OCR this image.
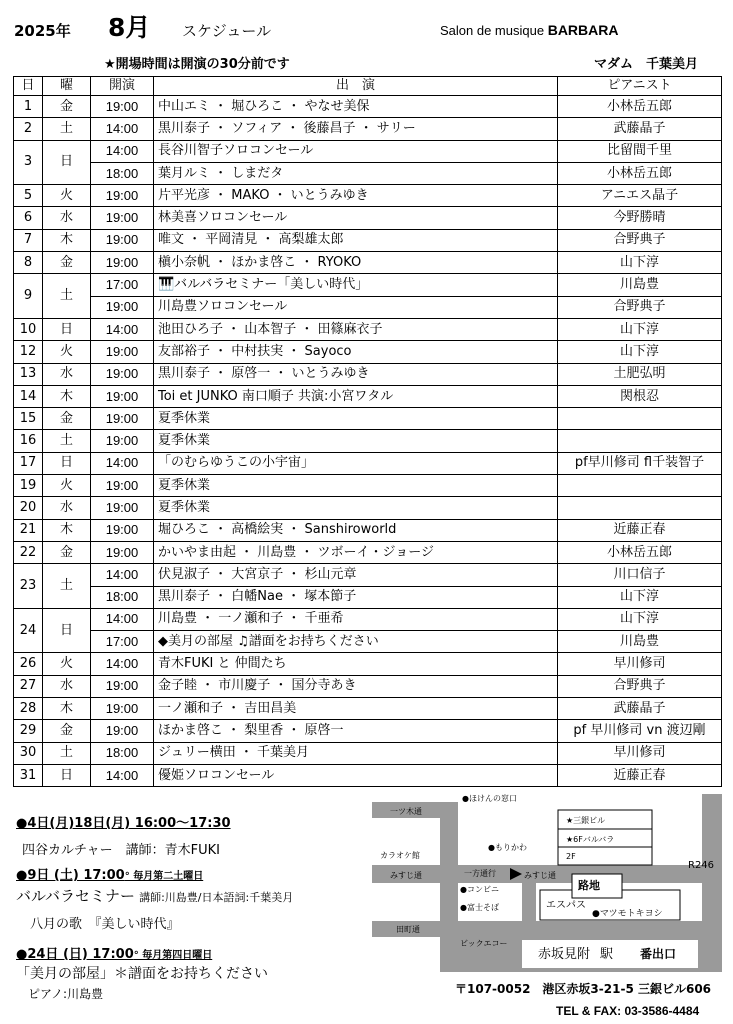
2025年 8月 スケジュール	Salon de musique BARBARA
★開場時間は開演の30分前です	マダム　千葉美月
日	曜	開演	出　演	ピアニスト
1	金	19:00	中山エミ ・ 堀ひろこ ・ やなせ美保	小林岳五郎
2	土	14:00	黒川泰子 ・ ソフィア ・ 後藤昌子 ・ サリー	武藤晶子
3	日	14:00	長谷川智子ソロコンセール	比留間千里
		18:00	葉月ルミ ・ しまだタ	小林岳五郎
5	火	19:00	片平光彦 ・ MAKO ・ いとうみゆき	アニエス晶子
6	水	19:00	林美喜ソロコンセール	今野勝晴
7	木	19:00	唯文 ・ 平岡清見 ・ 高梨雄太郎	合野典子
8	金	19:00	槇小奈帆 ・ ほかま啓こ ・ RYOKO	山下淳
9	土	17:00	🎹バルバラセミナー「美しい時代」	川島豊
		19:00	川島豊ソロコンセール	合野典子
10	日	14:00	池田ひろ子 ・ 山本智子 ・ 田篠麻衣子	山下淳
12	火	19:00	友部裕子 ・ 中村扶実 ・ Sayoco	山下淳
13	水	19:00	黒川泰子 ・ 原啓一 ・ いとうみゆき	土肥弘明
14	木	19:00	Toi et JUNKO 南口順子 共演:小宮ワタル	関根忍
15	金	19:00	夏季休業	
16	土	19:00	夏季休業	
17	日	14:00	「のむらゆうこの小宇宙」	pf早川修司 fl千装智子
19	火	19:00	夏季休業	
20	水	19:00	夏季休業	
21	木	19:00	堀ひろこ ・ 高橋絵実 ・ Sanshiroworld	近藤正春
22	金	19:00	かいやま由起 ・ 川島豊 ・ ツボーイ・ジョージ	小林岳五郎
23	土	14:00	伏見淑子 ・ 大宮京子 ・ 杉山元章	川口信子
		18:00	黒川泰子 ・ 白幡Nae ・ 塚本節子	山下淳
24	日	14:00	川島豊 ・ 一ノ瀬和子 ・ 千亜希	山下淳
		17:00	◆美月の部屋 ♫譜面をお持ちください	川島豊
26	火	14:00	青木FUKI と 仲間たち	早川修司
27	水	19:00	金子睦 ・ 市川慶子 ・ 国分寺あき	合野典子
28	木	19:00	一ノ瀬和子 ・ 吉田昌美	武藤晶子
29	金	19:00	ほかま啓こ ・ 梨里香 ・ 原啓一	pf 早川修司 vn 渡辺剛
30	土	18:00	ジュリー横田 ・ 千葉美月	早川修司
31	日	14:00	優姫ソロコンセール	近藤正春
●4日(月)18日(月) 16:00～17:30
四谷カルチャー　講師：青木FUKI
●9日 (土) 17:00° 毎月第二土曜日
バルバラセミナー 講師:川島豊/日本語詞:千葉美月
八月の歌　『美しい時代』
●24日 (日) 17:00° 毎月第四日曜日
「美月の部屋」＊譜面をお持ちください
ピアノ:川島豊
●ほけんの窓口
一ツ木通
★三銀ビル
★6Fバルバラ
2F
●もりかわ
カラオケ館
一方通行
みすじ通	みすじ通
路地
R246
●コンビニ
●富士そば	エスパス
●マツモトキヨシ
田町通
ビックエコー
赤坂見附 駅 番出口
〒107-0052　港区赤坂3-21-5 三銀ビル606
TEL & FAX: 03-3586-4484
